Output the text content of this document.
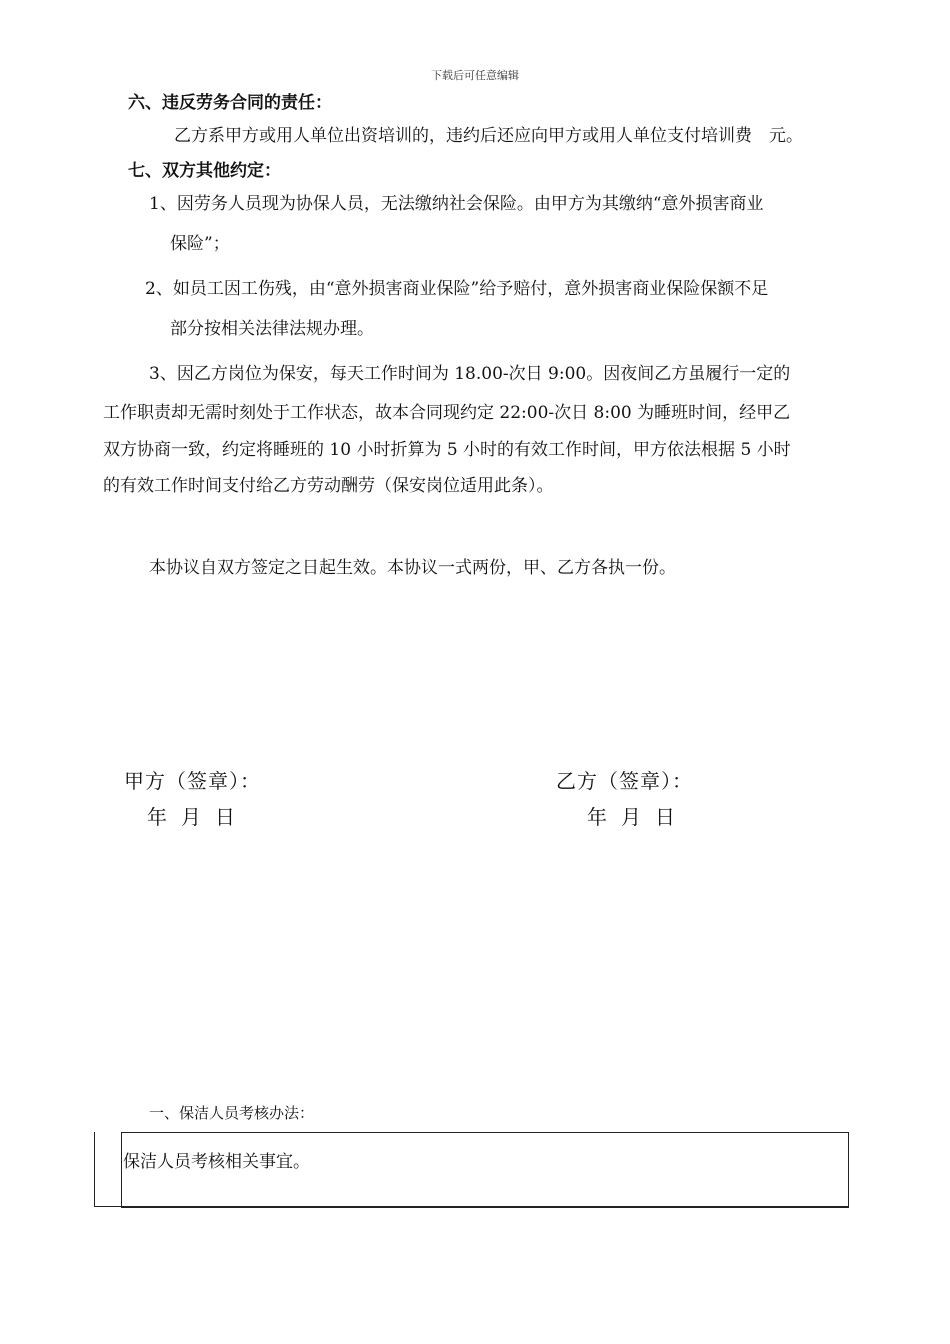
下载后可任意编辑
六、违反劳务合同的责任：
乙方系甲方或用人单位出资培训的，违约后还应向甲方或用人单位支付培训费　元。
七、双方其他约定：
1、因劳务人员现为协保人员，无法缴纳社会保险。由甲方为其缴纳“意外损害商业
保险”；
2、如员工因工伤残，由“意外损害商业保险”给予赔付，意外损害商业保险保额不足
部分按相关法律法规办理。
3、因乙方岗位为保安，每天工作时间为 18.00-次日 9:00。因夜间乙方虽履行一定的
工作职责却无需时刻处于工作状态，故本合同现约定 22:00-次日 8:00 为睡班时间，经甲乙
双方协商一致，约定将睡班的 10 小时折算为 5 小时的有效工作时间，甲方依法根据 5 小时
的有效工作时间支付给乙方劳动酬劳（保安岗位适用此条）。
本协议自双方签定之日起生效。本协议一式两份，甲、乙方各执一份。
甲方（签章）：
年月日
乙方（签章）：
年月日
一、保洁人员考核办法：
保洁人员考核相关事宜。
